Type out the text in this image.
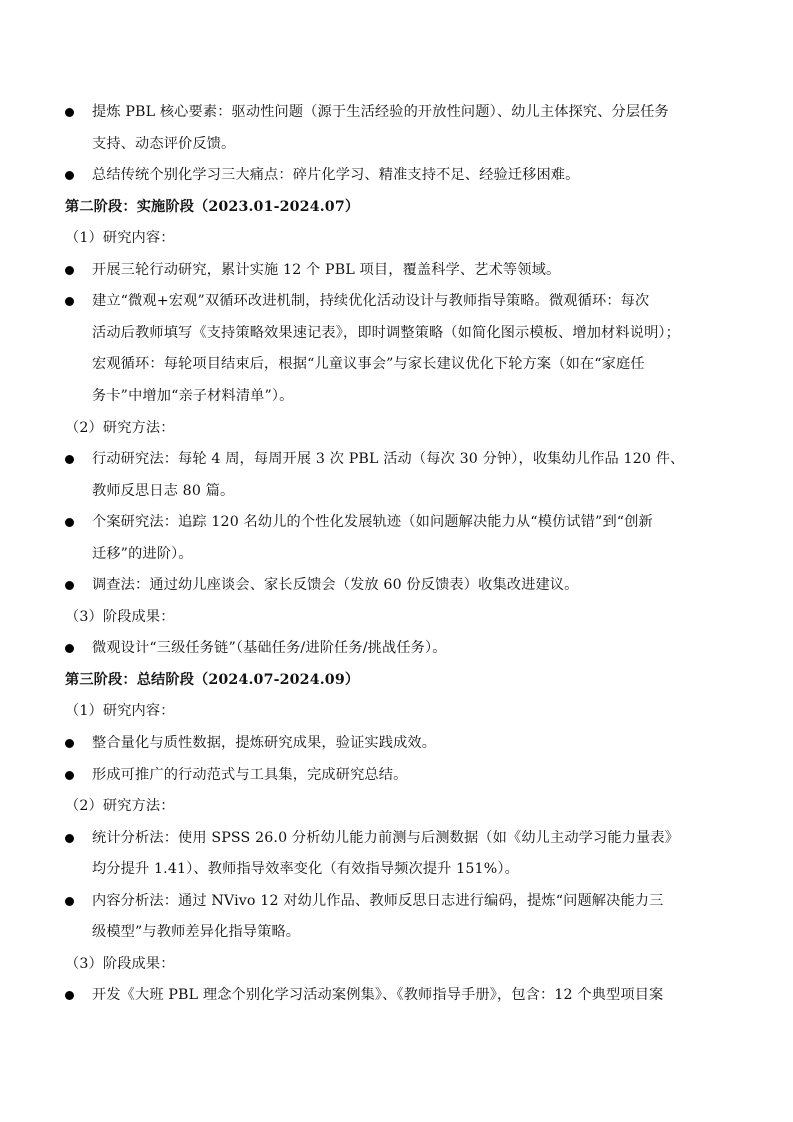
提炼 PBL 核心要素：驱动性问题（源于生活经验的开放性问题）、幼儿主体探究、分层任务
支持、动态评价反馈。
总结传统个别化学习三大痛点：碎片化学习、精准支持不足、经验迁移困难。
第二阶段：实施阶段（2023.01-2024.07）
（1）研究内容：
开展三轮行动研究，累计实施 12 个 PBL 项目，覆盖科学、艺术等领域。
建立“微观+宏观”双循环改进机制，持续优化活动设计与教师指导策略。微观循环：每次
活动后教师填写《支持策略效果速记表》，即时调整策略（如简化图示模板、增加材料说明）；
宏观循环：每轮项目结束后，根据“儿童议事会”与家长建议优化下轮方案（如在“家庭任
务卡”中增加“亲子材料清单”）。
（2）研究方法：
行动研究法：每轮 4 周，每周开展 3 次 PBL 活动（每次 30 分钟），收集幼儿作品 120 件、
教师反思日志 80 篇。
个案研究法：追踪 120 名幼儿的个性化发展轨迹（如问题解决能力从“模仿试错”到“创新
迁移”的进阶）。
调查法：通过幼儿座谈会、家长反馈会（发放 60 份反馈表）收集改进建议。
（3）阶段成果：
微观设计“三级任务链”（基础任务/进阶任务/挑战任务）。
第三阶段：总结阶段（2024.07-2024.09）
（1）研究内容：
整合量化与质性数据，提炼研究成果，验证实践成效。
形成可推广的行动范式与工具集，完成研究总结。
（2）研究方法：
统计分析法：使用 SPSS 26.0 分析幼儿能力前测与后测数据（如《幼儿主动学习能力量表》
均分提升 1.41）、教师指导效率变化（有效指导频次提升 151%）。
内容分析法：通过 NVivo 12 对幼儿作品、教师反思日志进行编码，提炼“问题解决能力三
级模型”与教师差异化指导策略。
（3）阶段成果：
开发《大班 PBL 理念个别化学习活动案例集》、《教师指导手册》，包含：12 个典型项目案
